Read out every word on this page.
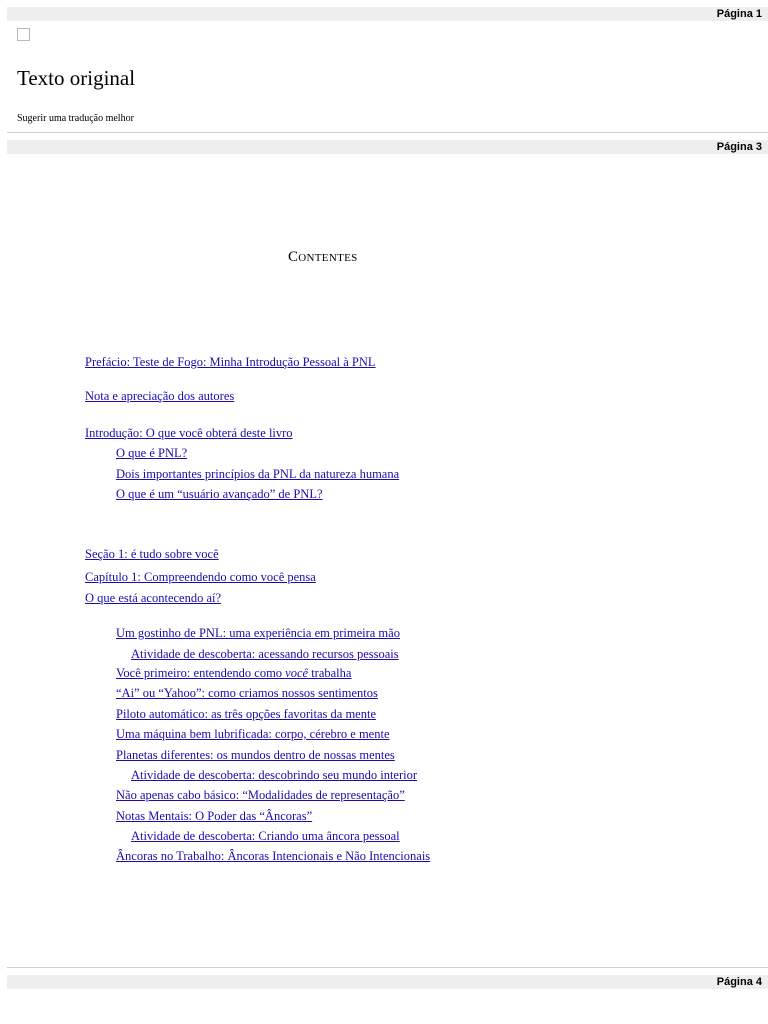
Página 1
Texto original
Sugerir uma tradução melhor
Página 3
Contentes
Prefácio: Teste de Fogo: Minha Introdução Pessoal à PNL
Nota e apreciação dos autores
Introdução: O que você obterá deste livro
O que é PNL?
Dois importantes princípios da PNL da natureza humana
O que é um “usuário avançado” de PNL?
Seção 1: é tudo sobre você
Capítulo 1: Compreendendo como você pensa
O que está acontecendo aí?
Um gostinho de PNL: uma experiência em primeira mão
Atividade de descoberta: acessando recursos pessoais
Você primeiro: entendendo como você trabalha
“Ai” ou “Yahoo”: como criamos nossos sentimentos
Piloto automático: as três opções favoritas da mente
Uma máquina bem lubrificada: corpo, cérebro e mente
Planetas diferentes: os mundos dentro de nossas mentes
Atividade de descoberta: descobrindo seu mundo interior
Não apenas cabo básico: “Modalidades de representação”
Notas Mentais: O Poder das “Âncoras”
Atividade de descoberta: Criando uma âncora pessoal
Âncoras no Trabalho: Âncoras Intencionais e Não Intencionais
Página 4
